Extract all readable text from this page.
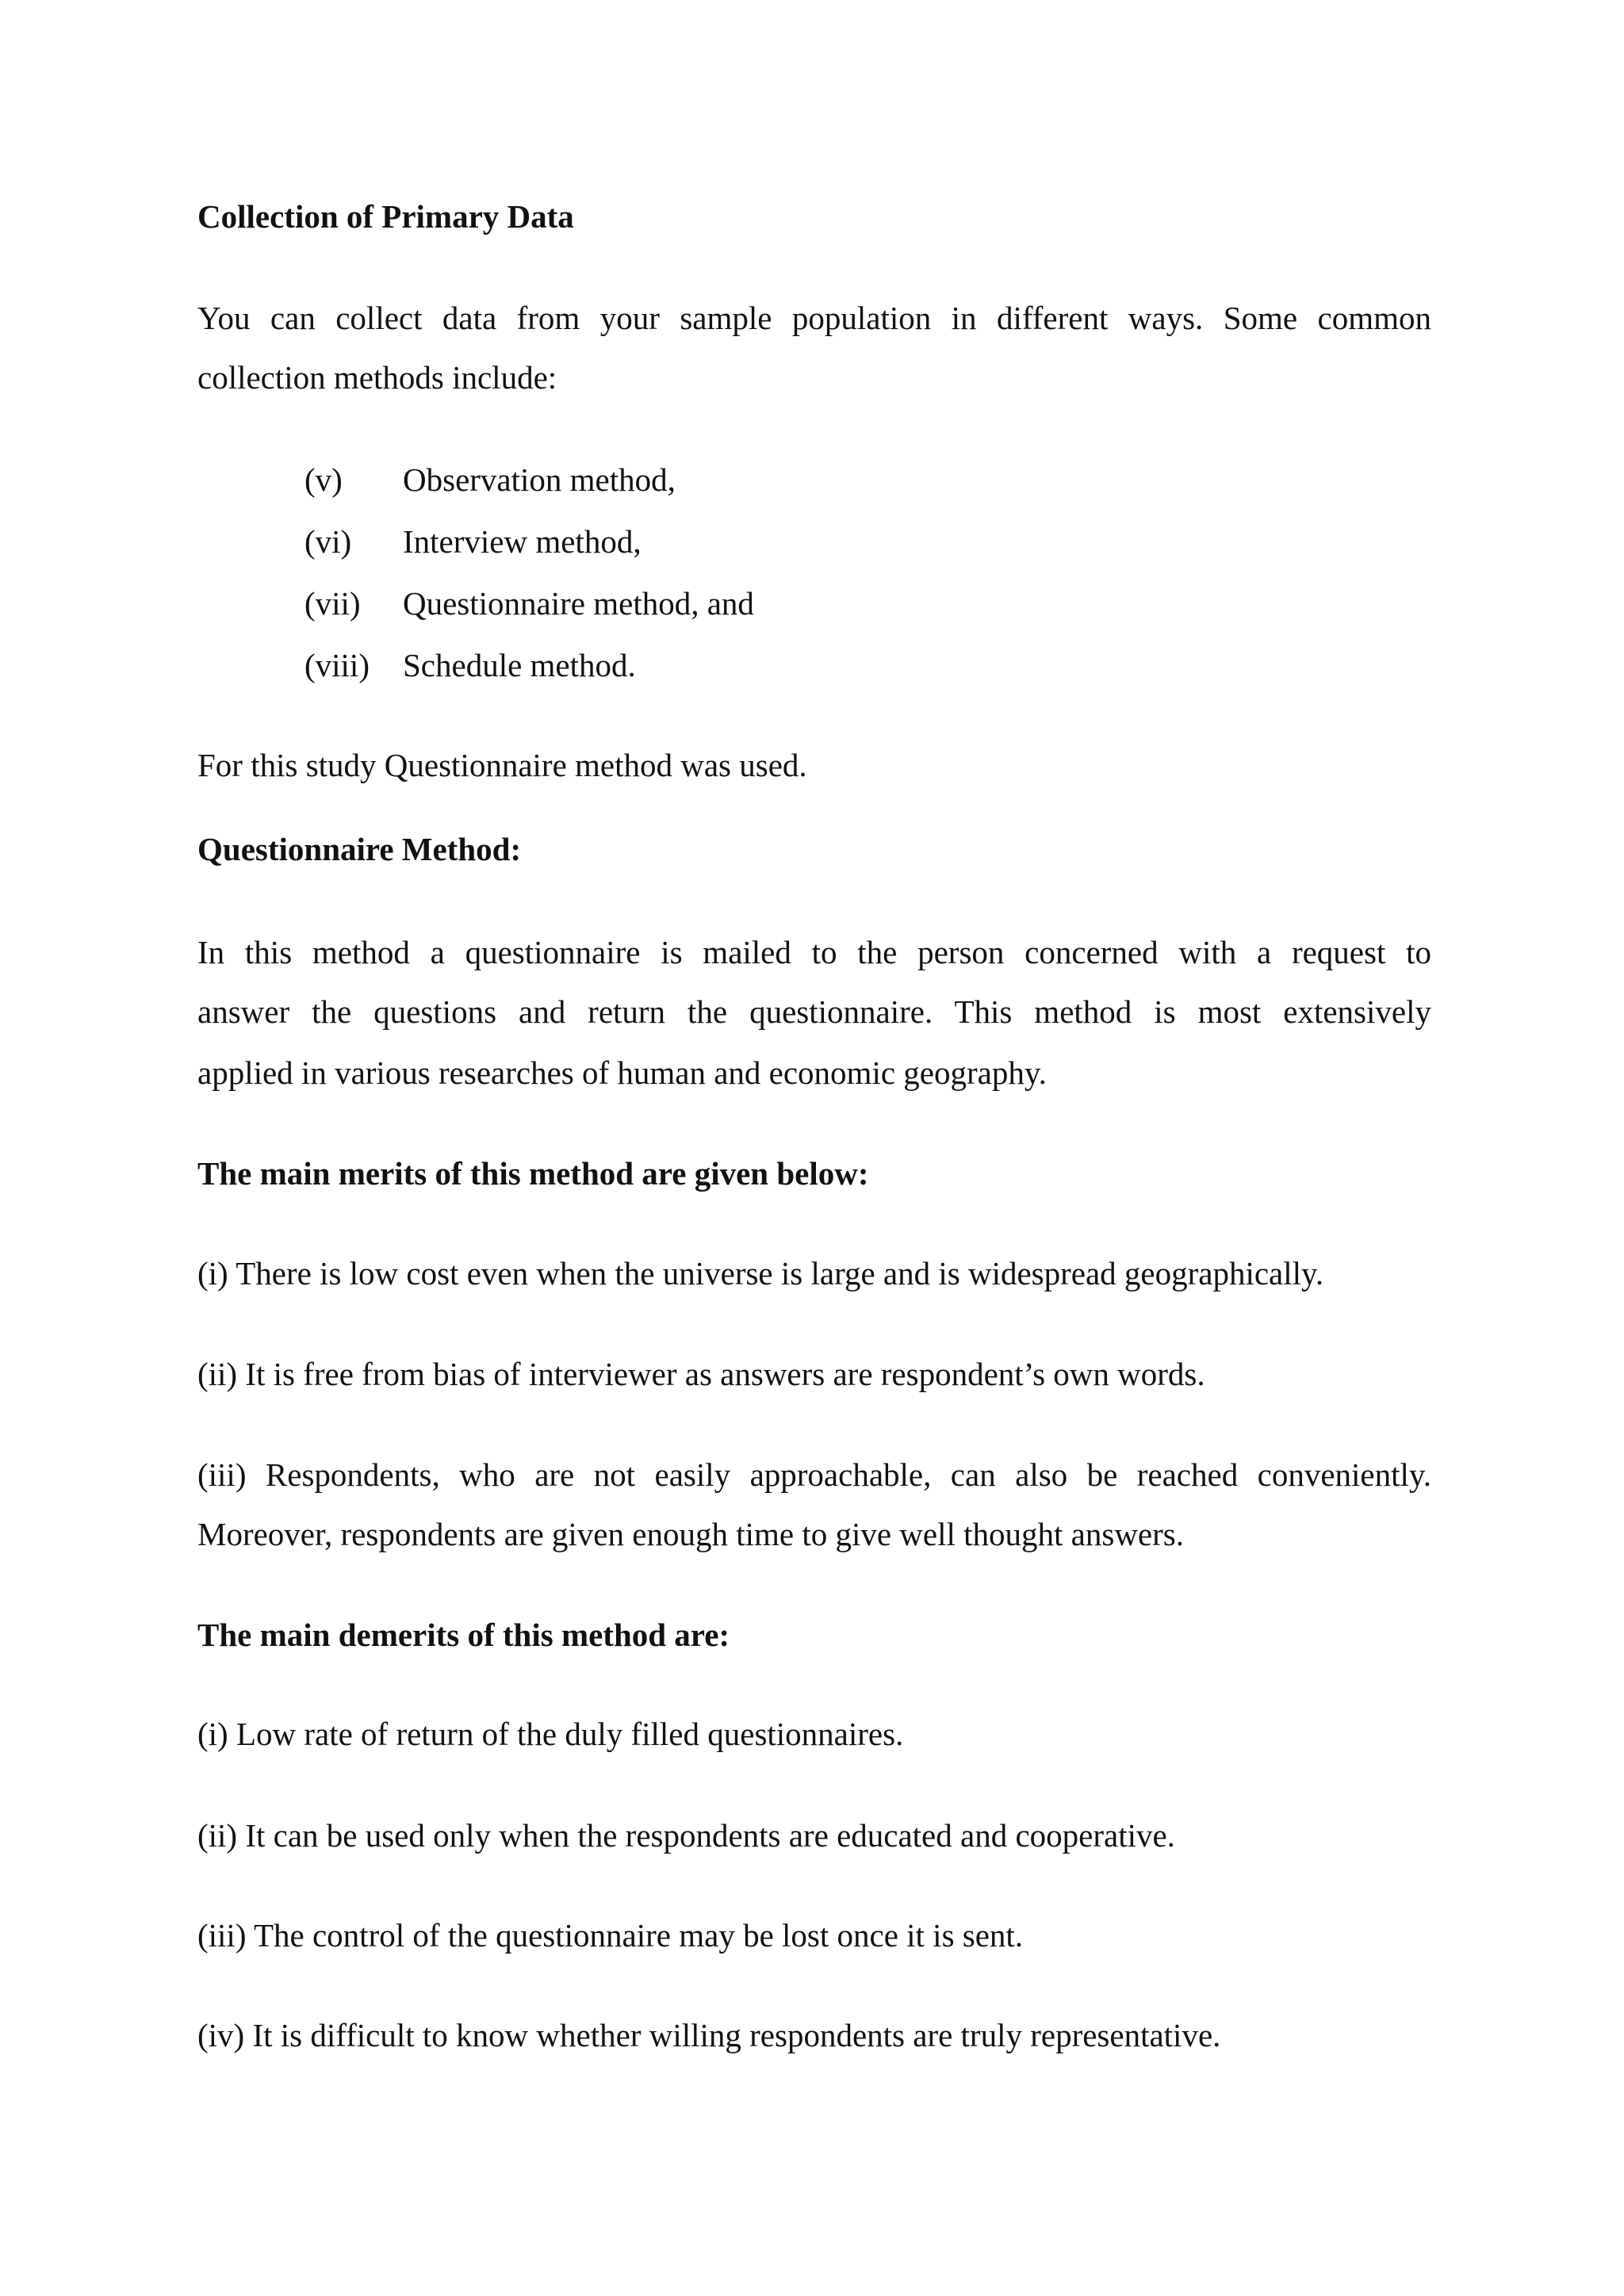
Collection of Primary Data

You can collect data from your sample population in different ways. Some common

collection methods include:

(v) Observation method,
(vi) Interview method,
(vii) Questionnaire method, and
(viii) Schedule method.

For this study Questionnaire method was used.

Questionnaire Method:

In this method a questionnaire is mailed to the person concerned with a request to

answer the questions and return the questionnaire. This method is most extensively

applied in various researches of human and economic geography.

The main merits of this method are given below:

(i) There is low cost even when the universe is large and is widespread geographically.

(ii) It is free from bias of interviewer as answers are respondent’s own words.

(iii) Respondents, who are not easily approachable, can also be reached conveniently.

Moreover, respondents are given enough time to give well thought answers.

The main demerits of this method are:

(i) Low rate of return of the duly filled questionnaires.

(ii) It can be used only when the respondents are educated and cooperative.

(iii) The control of the questionnaire may be lost once it is sent.

(iv) It is difficult to know whether willing respondents are truly representative.
